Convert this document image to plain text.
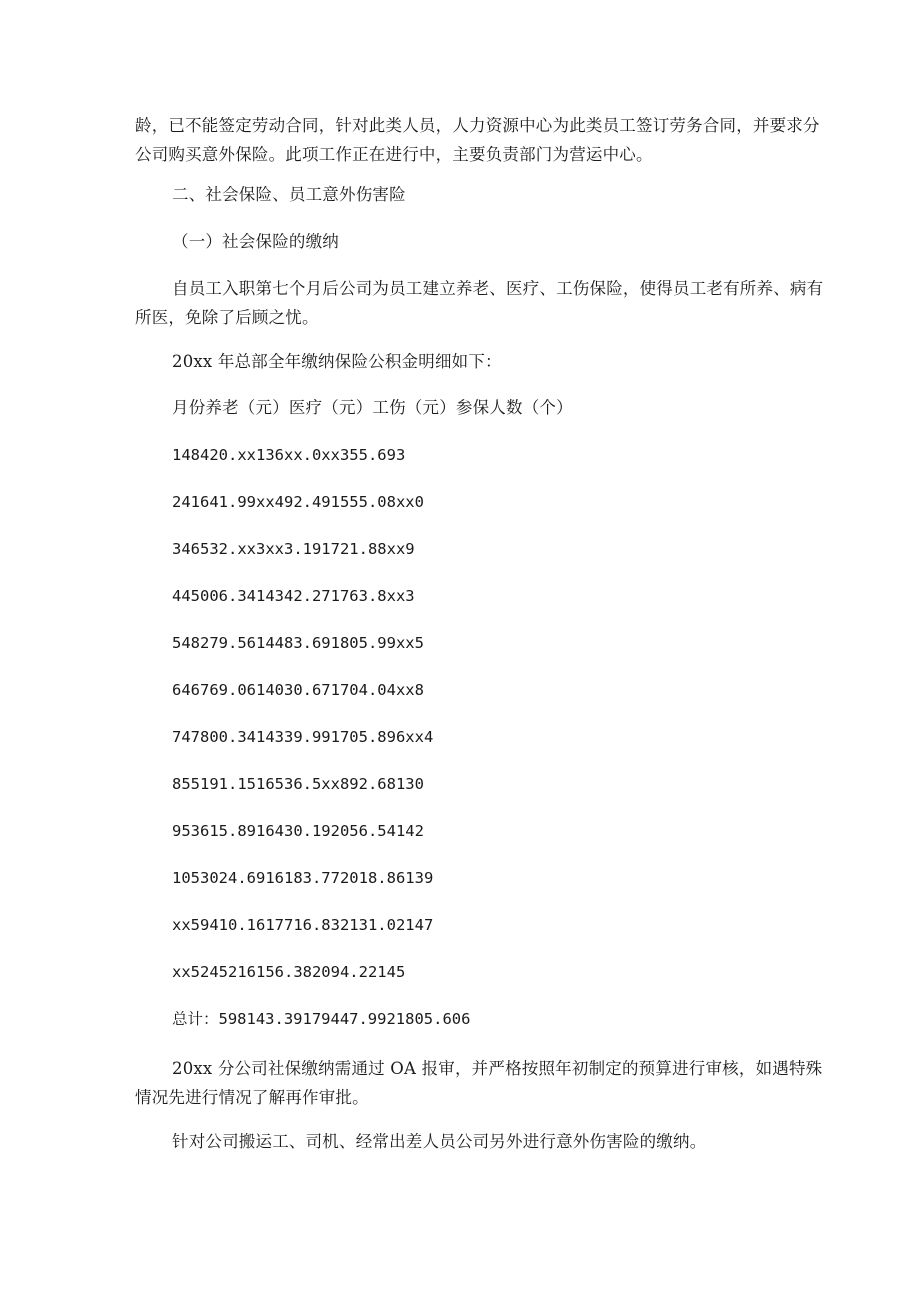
龄，已不能签定劳动合同，针对此类人员，人力资源中心为此类员工签订劳务合同，并要求分公司购买意外保险。此项工作正在进行中，主要负责部门为营运中心。
二、社会保险、员工意外伤害险
（一）社会保险的缴纳
自员工入职第七个月后公司为员工建立养老、医疗、工伤保险，使得员工老有所养、病有所医，免除了后顾之忧。
20xx 年总部全年缴纳保险公积金明细如下：
月份养老（元）医疗（元）工伤（元）参保人数（个）
148420.xx136xx.0xx355.693
241641.99xx492.491555.08xx0
346532.xx3xx3.191721.88xx9
445006.3414342.271763.8xx3
548279.5614483.691805.99xx5
646769.0614030.671704.04xx8
747800.3414339.991705.896xx4
855191.1516536.5xx892.68130
953615.8916430.192056.54142
1053024.6916183.772018.86139
xx59410.1617716.832131.02147
xx5245216156.382094.22145
总计：598143.39179447.9921805.606
20xx 分公司社保缴纳需通过 OA 报审，并严格按照年初制定的预算进行审核，如遇特殊情况先进行情况了解再作审批。
针对公司搬运工、司机、经常出差人员公司另外进行意外伤害险的缴纳。
